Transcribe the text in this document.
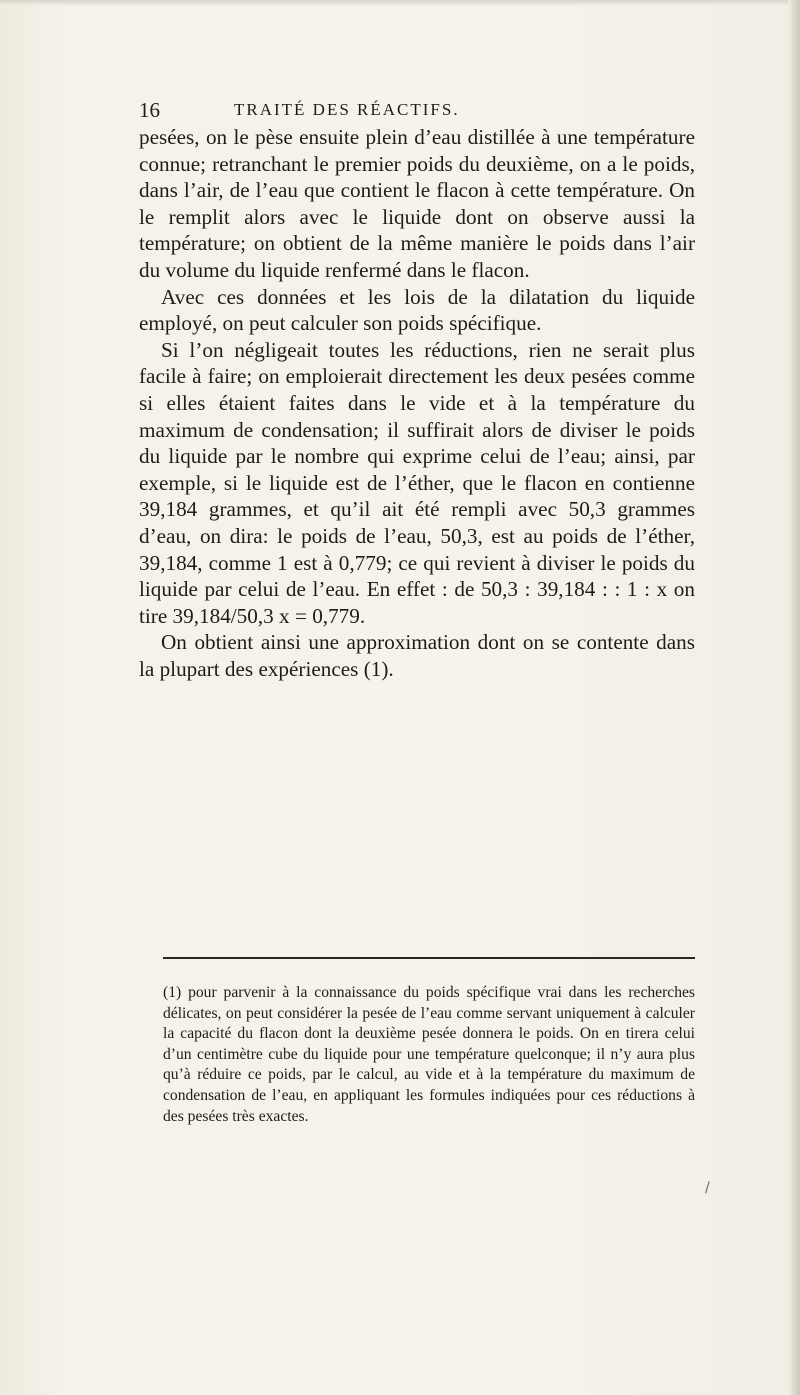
16	TRAITÉ DES RÉACTIFS.

pesées, on le pèse ensuite plein d’eau distillée à une température connue; retranchant le premier poids du deuxième, on a le poids, dans l’air, de l’eau que contient le flacon à cette température. On le remplit alors avec le liquide dont on observe aussi la température; on obtient de la même manière le poids dans l’air du volume du liquide renfermé dans le flacon.

Avec ces données et les lois de la dilatation du liquide employé, on peut calculer son poids spécifique.

Si l’on négligeait toutes les réductions, rien ne serait plus facile à faire; on emploierait directement les deux pesées comme si elles étaient faites dans le vide et à la température du maximum de condensation; il suffirait alors de diviser le poids du liquide par le nombre qui exprime celui de l’eau; ainsi, par exemple, si le liquide est de l’éther, que le flacon en contienne 39,184 grammes, et qu’il ait été rempli avec 50,3 grammes d’eau, on dira: le poids de l’eau, 50,3, est au poids de l’éther, 39,184, comme 1 est à 0,779; ce qui revient à diviser le poids du liquide par celui de l’eau. En effet : de 50,3 : 39,184 : : 1 : x on tire 39,184/50,3 x = 0,779.

On obtient ainsi une approximation dont on se contente dans la plupart des expériences (1).

(1) pour parvenir à la connaissance du poids spécifique vrai dans les recherches délicates, on peut considérer la pesée de l’eau comme servant uniquement à calculer la capacité du flacon dont la deuxième pesée donnera le poids. On en tirera celui d’un centimètre cube du liquide pour une température quelconque; il n’y aura plus qu’à réduire ce poids, par le calcul, au vide et à la température du maximum de condensation de l’eau, en appliquant les formules indiquées pour ces réductions à des pesées très exactes.

/
